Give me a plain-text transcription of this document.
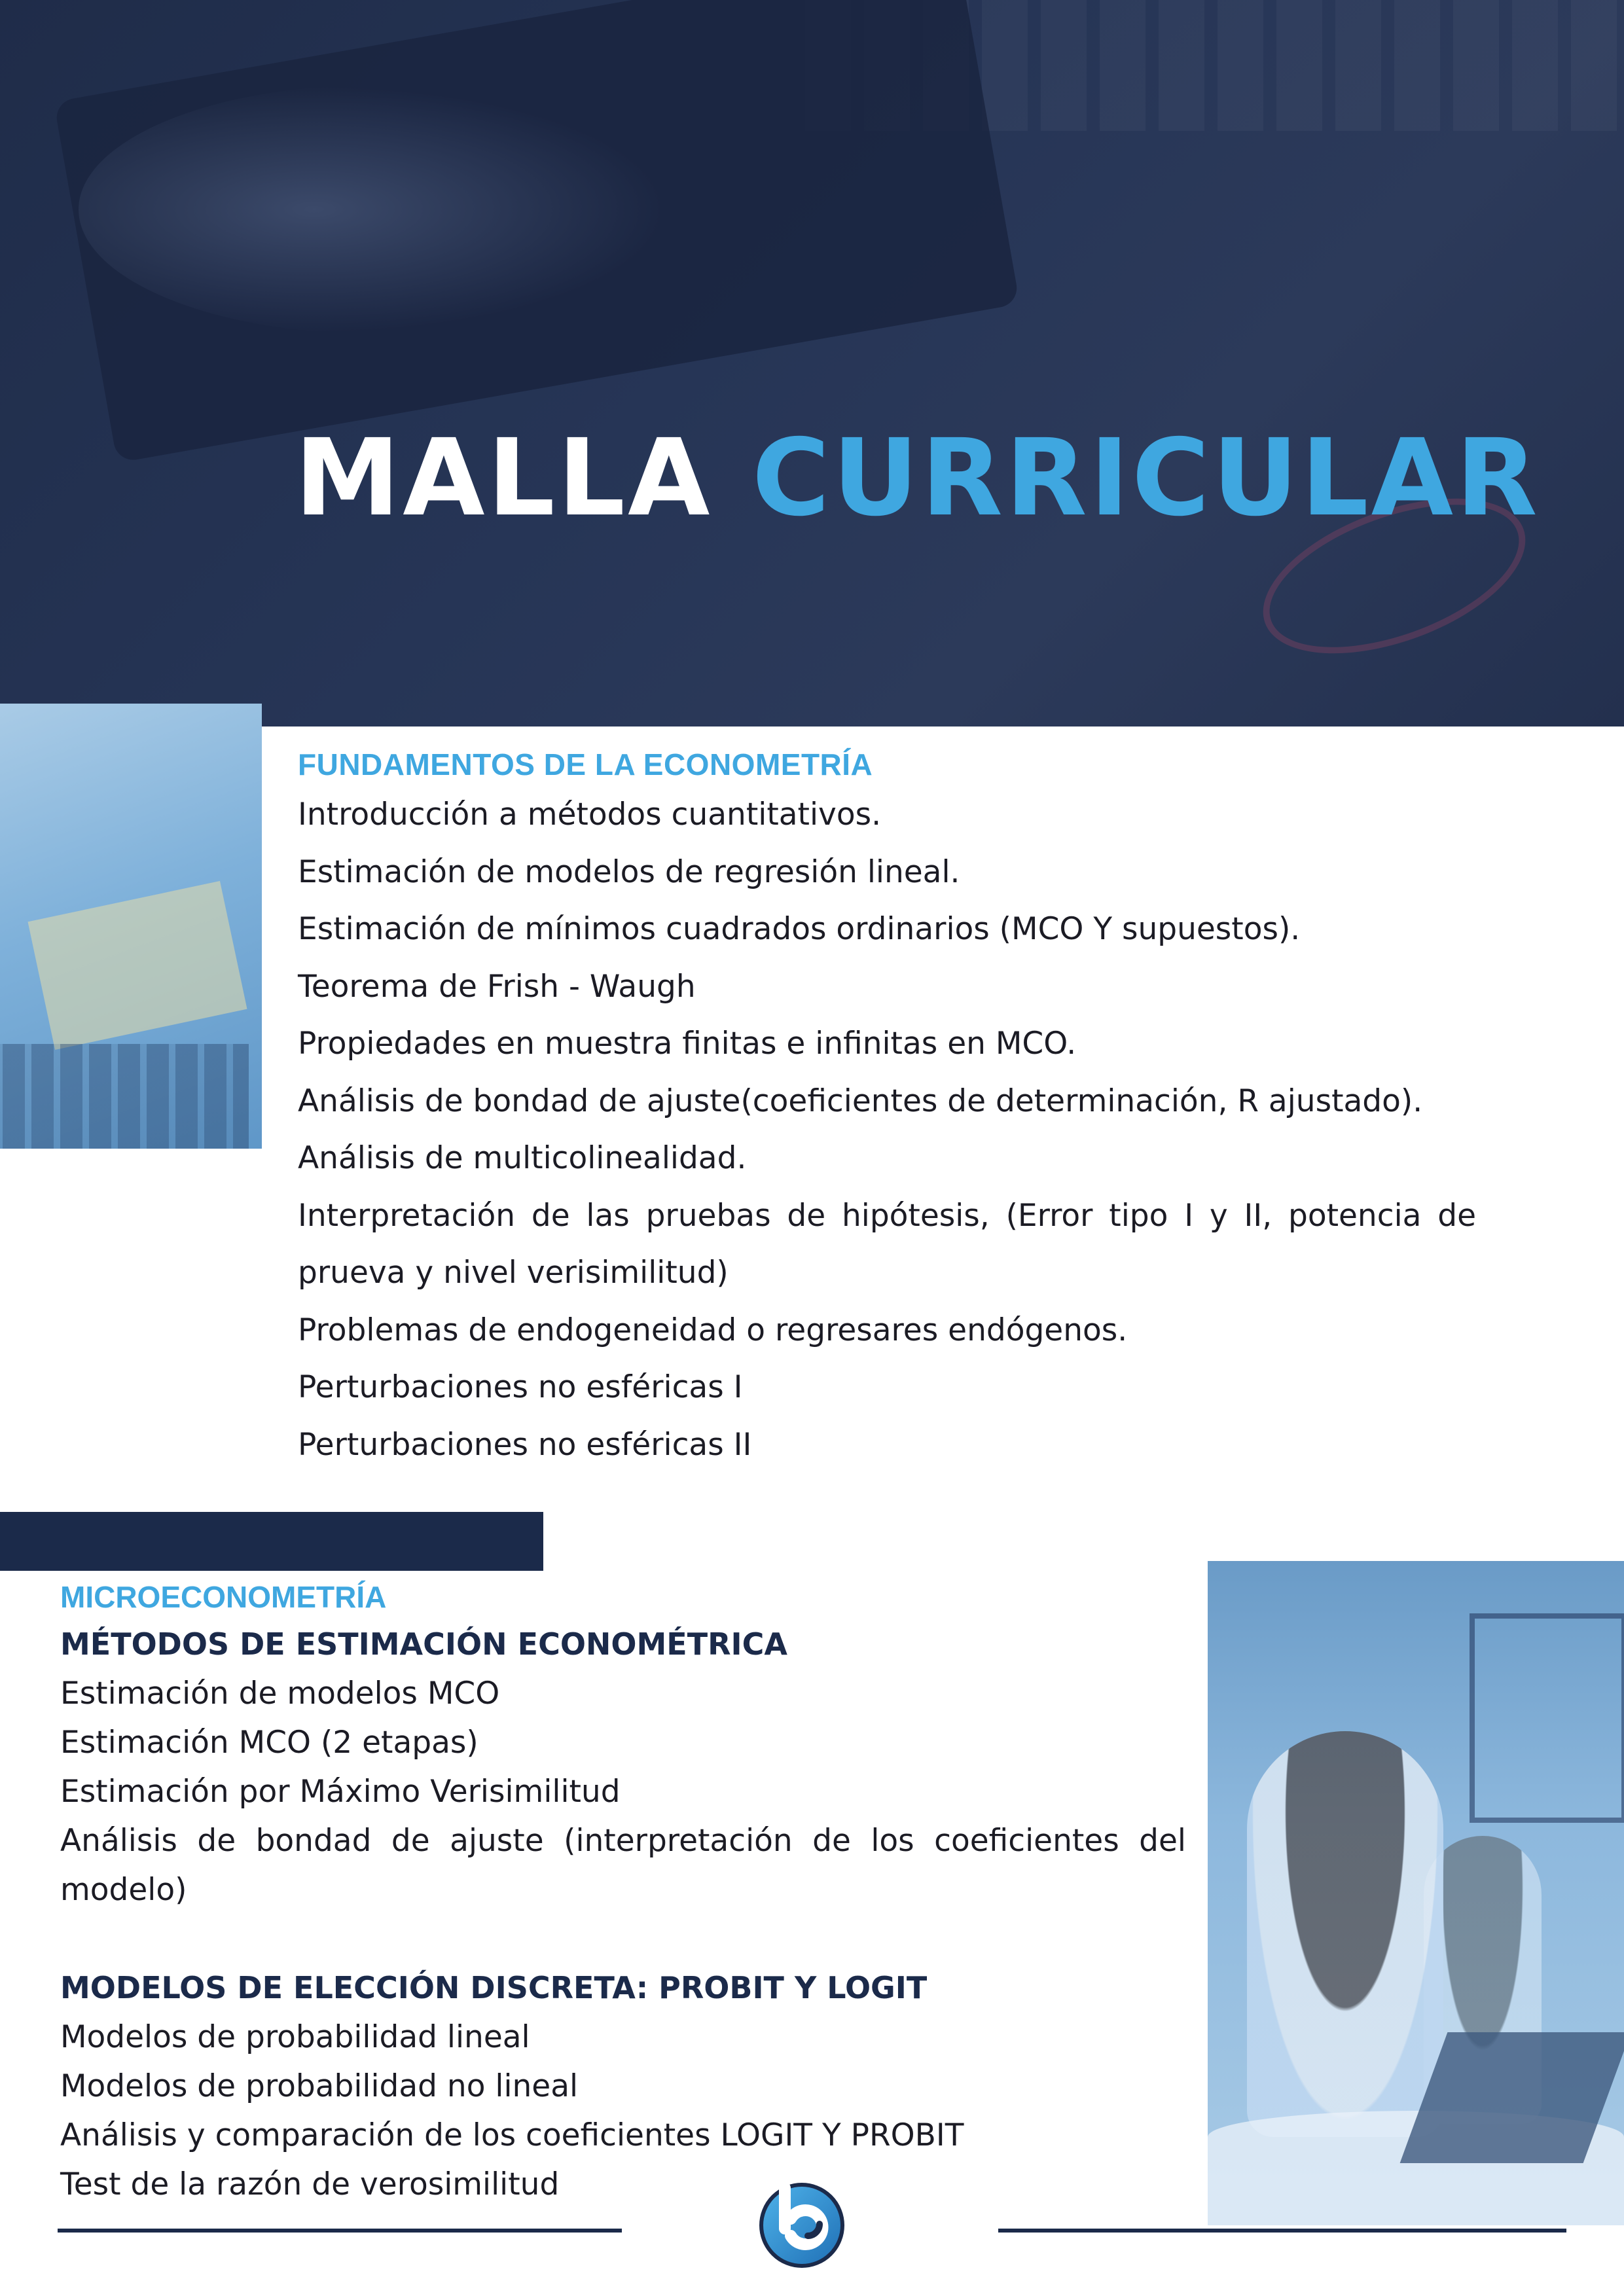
MALLA CURRICULAR
FUNDAMENTOS DE LA ECONOMETRÍA
Introducción a métodos cuantitativos.
Estimación de modelos de regresión lineal.
Estimación de mínimos cuadrados ordinarios (MCO Y supuestos).
Teorema de Frish - Waugh
Propiedades en muestra finitas e infinitas en MCO.
Análisis de bondad de ajuste(coeficientes de determinación, R ajustado).
Análisis de multicolinealidad.
Interpretación de las pruebas de hipótesis, (Error tipo I y II, potencia de prueva y nivel verisimilitud)
Problemas de endogeneidad o regresares endógenos.
Perturbaciones no esféricas I
Perturbaciones no esféricas II
MICROECONOMETRÍA
MÉTODOS DE ESTIMACIÓN ECONOMÉTRICA
Estimación de modelos MCO
Estimación MCO (2 etapas)
Estimación por Máximo Verisimilitud
Análisis de bondad de ajuste (interpretación de los coeficientes del modelo)
MODELOS DE ELECCIÓN DISCRETA: PROBIT Y LOGIT
Modelos de probabilidad lineal
Modelos de probabilidad no lineal
Análisis y comparación de los coeficientes LOGIT Y PROBIT
Test de la razón de verosimilitud
